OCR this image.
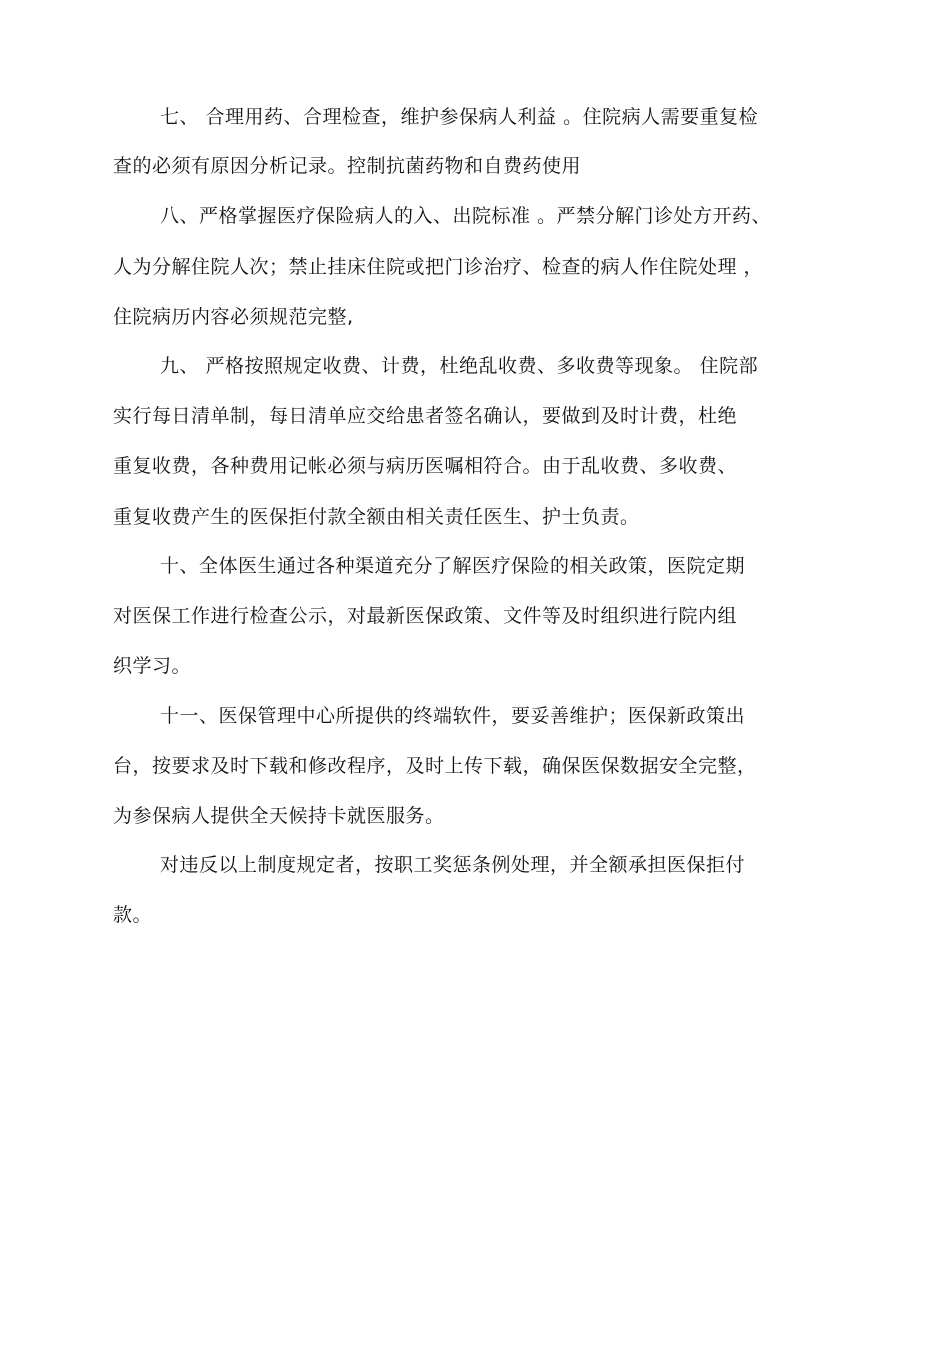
七、 合理用药、合理检查，维护参保病人利益 。住院病人需要重复检
查的必须有原因分析记录。控制抗菌药物和自费药使用
八、严格掌握医疗保险病人的入、出院标准 。严禁分解门诊处方开药、
人为分解住院人次；禁止挂床住院或把门诊治疗、检查的病人作住院处理 ，
住院病历内容必须规范完整,
九、 严格按照规定收费、计费，杜绝乱收费、多收费等现象。 住院部
实行每日清单制，每日清单应交给患者签名确认，要做到及时计费，杜绝
重复收费，各种费用记帐必须与病历医嘱相符合。由于乱收费、多收费、
重复收费产生的医保拒付款全额由相关责任医生、护士负责。
十、全体医生通过各种渠道充分了解医疗保险的相关政策，医院定期
对医保工作进行检查公示，对最新医保政策、文件等及时组织进行院内组
织学习。
十一、医保管理中心所提供的终端软件，要妥善维护；医保新政策出
台，按要求及时下载和修改程序，及时上传下载，确保医保数据安全完整，
为参保病人提供全天候持卡就医服务。
对违反以上制度规定者，按职工奖惩条例处理，并全额承担医保拒付
款。
